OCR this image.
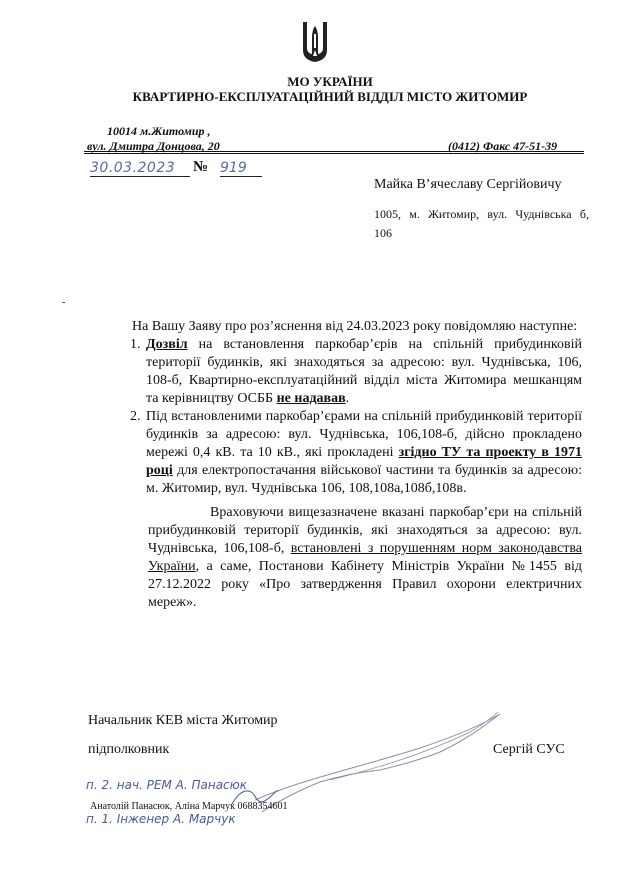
МО УКРАЇНИ
КВАРТИРНО-ЕКСПЛУАТАЦІЙНИЙ ВІДДІЛ МІСТО ЖИТОМИР
10014 м.Житомир ,
вул. Дмитра Донцова, 20	(0412) Факс 47-51-39
30.03.2023	№ 919
Майка В’ячеславу Сергійовичу
1005, м. Житомир, вул. Чуднівська б, 106
-

На Вашу Заяву про роз’яснення від 24.03.2023 року повідомляю наступне:

1. Дозвіл на встановлення паркобар’єрів на спільній прибудинковій території будинків, які знаходяться за адресою: вул. Чуднівська, 106, 108-б, Квартирно-експлуатаційний відділ міста Житомира мешканцям та керівництву ОСББ не надавав.
2. Під встановленими паркобар’єрами на спільній прибудинковій території будинків за адресою: вул. Чуднівська, 106,108-б, дійсно прокладено мережі 0,4 кВ. та 10 кВ., які прокладені згідно ТУ та проекту в 1971 році для електропостачання військової частини та будинків за адресою: м. Житомир, вул. Чуднівська 106, 108,108а,108б,108в.

Враховуючи вищезазначене вказані паркобар’єри на спільній прибудинковій території будинків, які знаходяться за адресою: вул. Чуднівська, 106,108-б, встановлені з порушенням норм законодавства України, а саме, Постанови Кабінету Міністрів України №1455 від 27.12.2022 року «Про затвердження Правил охорони електричних мереж».

Начальник КЕВ міста Житомир
підполковник	Сергій СУС
п. 2. нач. РЕМ А. Панасюк
Анатолій Панасюк, Аліна Марчук 0688354601
п. 1. Інженер А. Марчук
